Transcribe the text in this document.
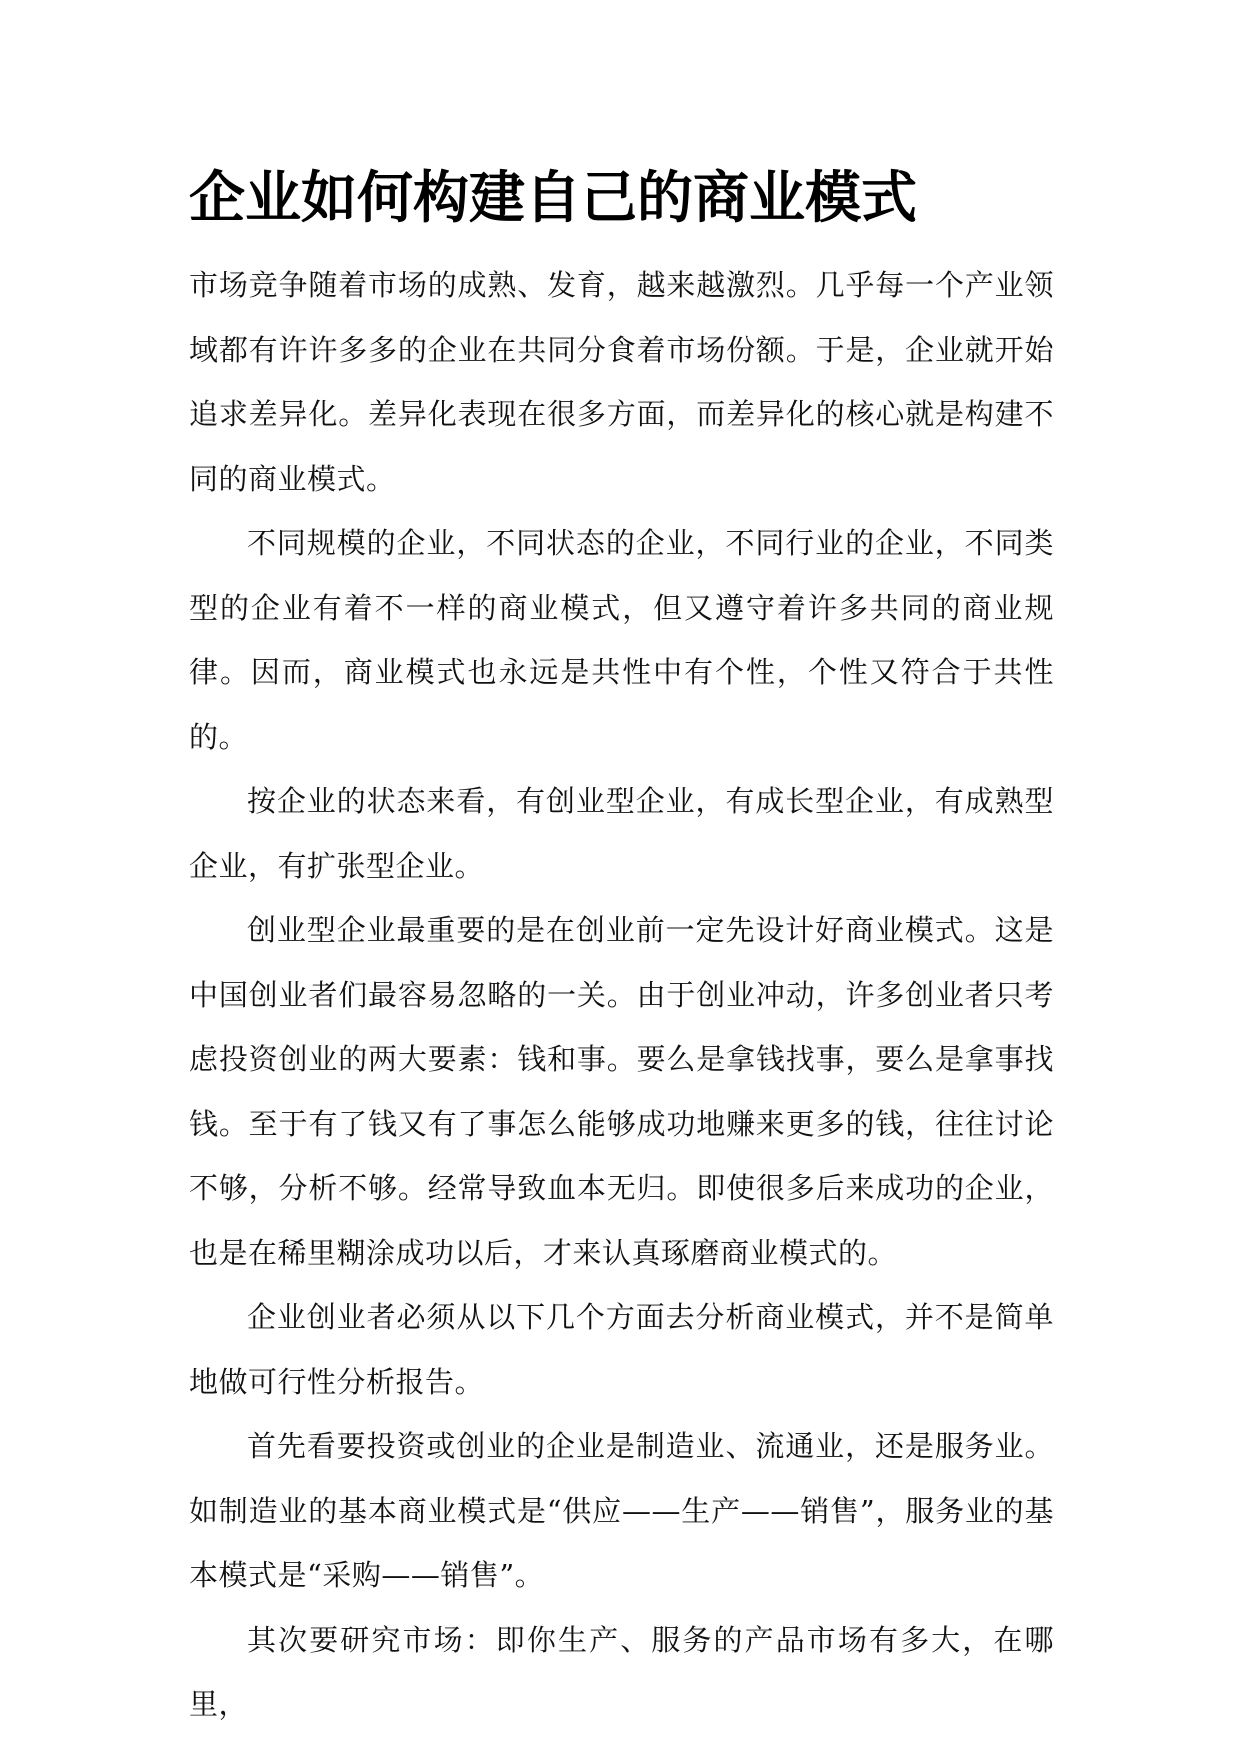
企业如何构建自己的商业模式

市场竞争随着市场的成熟、发育，越来越激烈。几乎每一个产业领域都有许许多多的企业在共同分食着市场份额。于是，企业就开始追求差异化。差异化表现在很多方面，而差异化的核心就是构建不同的商业模式。

不同规模的企业，不同状态的企业，不同行业的企业，不同类型的企业有着不一样的商业模式，但又遵守着许多共同的商业规律。因而，商业模式也永远是共性中有个性，个性又符合于共性的。

按企业的状态来看，有创业型企业，有成长型企业，有成熟型企业，有扩张型企业。

创业型企业最重要的是在创业前一定先设计好商业模式。这是中国创业者们最容易忽略的一关。由于创业冲动，许多创业者只考虑投资创业的两大要素：钱和事。要么是拿钱找事，要么是拿事找钱。至于有了钱又有了事怎么能够成功地赚来更多的钱，往往讨论不够，分析不够。经常导致血本无归。即使很多后来成功的企业，也是在稀里糊涂成功以后，才来认真琢磨商业模式的。

企业创业者必须从以下几个方面去分析商业模式，并不是简单地做可行性分析报告。

首先看要投资或创业的企业是制造业、流通业，还是服务业。如制造业的基本商业模式是“供应——生产——销售”，服务业的基本模式是“采购——销售”。

其次要研究市场：即你生产、服务的产品市场有多大，在哪里，
